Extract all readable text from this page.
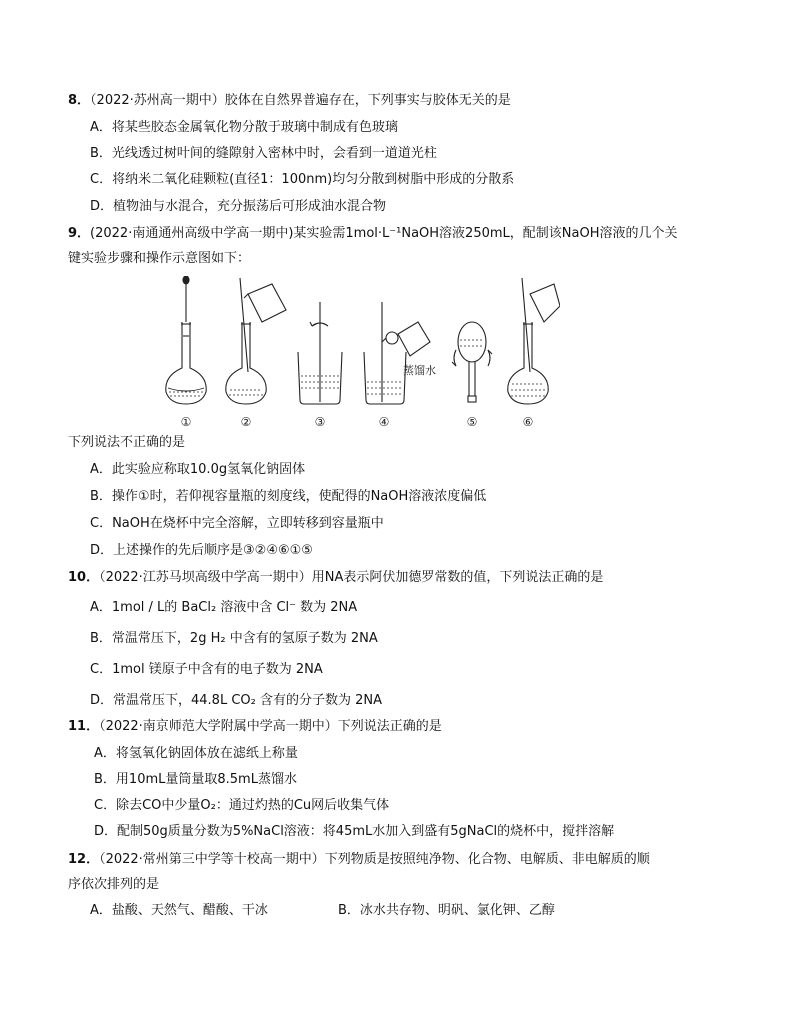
8．（2022·苏州高一期中）胶体在自然界普遍存在，下列事实与胶体无关的是
A．将某些胶态金属氧化物分散于玻璃中制成有色玻璃
B．光线透过树叶间的缝隙射入密林中时，会看到一道道光柱
C．将纳米二氧化硅颗粒(直径1：100nm)均匀分散到树脂中形成的分散系
D．植物油与水混合，充分振荡后可形成油水混合物
9．(2022·南通通州高级中学高一期中)某实验需1mol·L⁻¹NaOH溶液250mL，配制该NaOH溶液的几个关
键实验步骤和操作示意图如下：
蒸馏水
①	②	③	④	⑤	⑥
下列说法不正确的是
A．此实验应称取10.0g氢氧化钠固体
B．操作①时，若仰视容量瓶的刻度线，使配得的NaOH溶液浓度偏低
C．NaOH在烧杯中完全溶解，立即转移到容量瓶中
D．上述操作的先后顺序是③②④⑥①⑤
10．（2022·江苏马坝高级中学高一期中）用NA表示阿伏加德罗常数的值，下列说法正确的是
A．1mol / L的 BaCl₂ 溶液中含 Cl⁻ 数为 2NA
B．常温常压下，2g H₂ 中含有的氢原子数为 2NA
C．1mol 镁原子中含有的电子数为 2NA
D．常温常压下，44.8L CO₂ 含有的分子数为 2NA
11．（2022·南京师范大学附属中学高一期中）下列说法正确的是
A．将氢氧化钠固体放在滤纸上称量
B．用10mL量筒量取8.5mL蒸馏水
C．除去CO中少量O₂：通过灼热的Cu网后收集气体
D．配制50g质量分数为5%NaCl溶液：将45mL水加入到盛有5gNaCl的烧杯中，搅拌溶解
12．（2022·常州第三中学等十校高一期中）下列物质是按照纯净物、化合物、电解质、非电解质的顺
序依次排列的是
A．盐酸、天然气、醋酸、干冰	B．冰水共存物、明矾、氯化钾、乙醇
